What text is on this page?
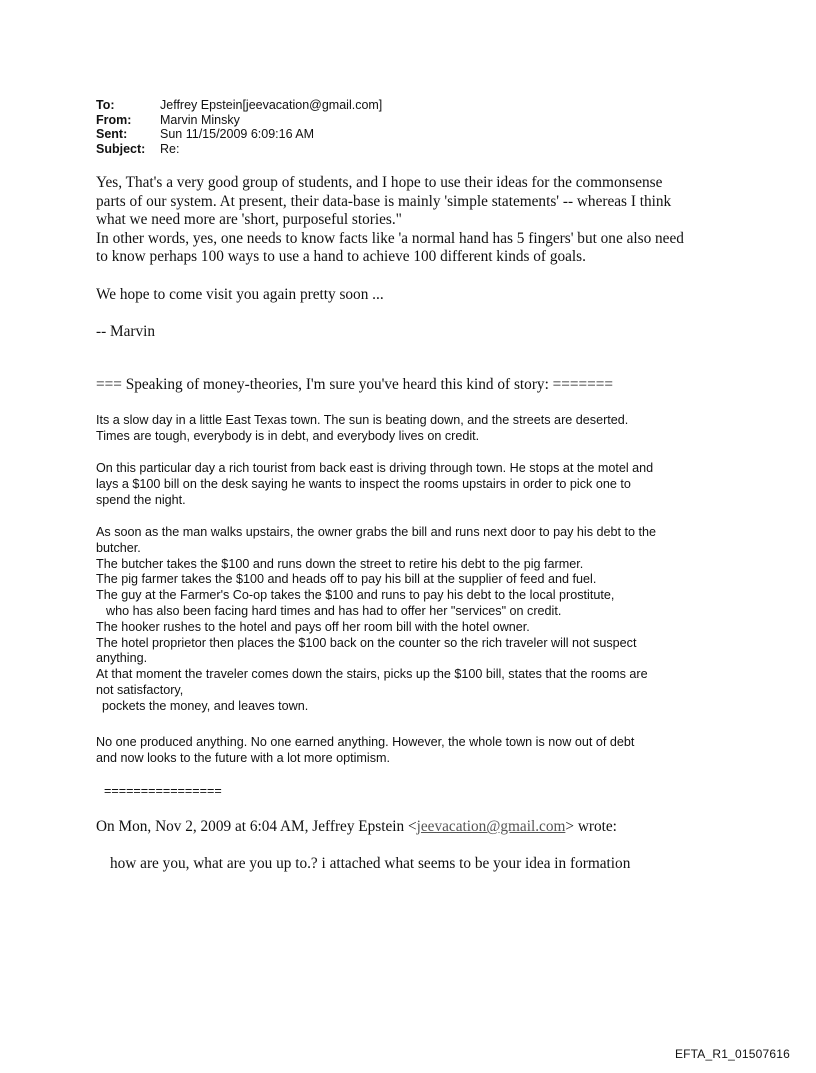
To:	Jeffrey Epstein[jeevacation@gmail.com]
From:	Marvin Minsky
Sent:	Sun 11/15/2009 6:09:16 AM
Subject:	Re:
Yes, That's a very good group of students, and I hope to use their ideas for the commonsense
parts of our system. At present, their data-base is mainly 'simple statements' -- whereas I think
what we need more are 'short, purposeful stories."
In other words, yes, one needs to know facts like 'a normal hand has 5 fingers' but one also need
to know perhaps 100 ways to use a hand to achieve 100 different kinds of goals.
We hope to come visit you again pretty soon ...
-- Marvin
=== Speaking of money-theories, I'm sure you've heard this kind of story: =======
Its a slow day in a little East Texas town. The sun is beating down, and the streets are deserted.
Times are tough, everybody is in debt, and everybody lives on credit.
On this particular day a rich tourist from back east is driving through town. He stops at the motel and
lays a $100 bill on the desk saying he wants to inspect the rooms upstairs in order to pick one to
spend the night.
As soon as the man walks upstairs, the owner grabs the bill and runs next door to pay his debt to the
butcher.
The butcher takes the $100 and runs down the street to retire his debt to the pig farmer.
The pig farmer takes the $100 and heads off to pay his bill at the supplier of feed and fuel.
The guy at the Farmer's Co-op takes the $100 and runs to pay his debt to the local prostitute,
who has also been facing hard times and has had to offer her "services" on credit.
The hooker rushes to the hotel and pays off her room bill with the hotel owner.
The hotel proprietor then places the $100 back on the counter so the rich traveler will not suspect
anything.
At that moment the traveler comes down the stairs, picks up the $100 bill, states that the rooms are
not satisfactory,
pockets the money, and leaves town.
No one produced anything. No one earned anything. However, the whole town is now out of debt
and now looks to the future with a lot more optimism.
================
On Mon, Nov 2, 2009 at 6:04 AM, Jeffrey Epstein <jeevacation@gmail.com> wrote:
how are you, what are you up to.? i attached what seems to be your idea in formation
EFTA_R1_01507616
